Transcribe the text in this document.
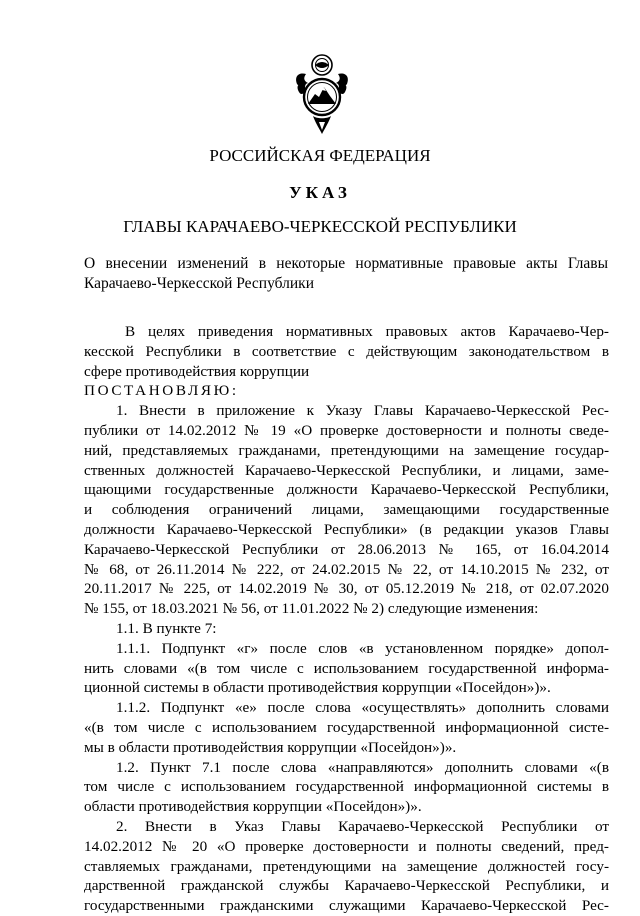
РОССИЙСКАЯ ФЕДЕРАЦИЯ
УКАЗ
ГЛАВЫ КАРАЧАЕВО-ЧЕРКЕССКОЙ РЕСПУБЛИКИ
О внесении изменений в некоторые нормативные правовые акты Главы
Карачаево-Черкесской Республики
В целях приведения нормативных правовых актов Карачаево-Чер-
кесской Республики в соответствие с действующим законодательством в
сфере противодействия коррупции
ПОСТАНОВЛЯЮ:
1. Внести в приложение к Указу Главы Карачаево-Черкесской Рес-
публики от 14.02.2012 № 19 «О проверке достоверности и полноты сведе-
ний, представляемых гражданами, претендующими на замещение государ-
ственных должностей Карачаево-Черкесской Республики, и лицами, заме-
щающими государственные должности Карачаево-Черкесской Республики,
и соблюдения ограничений лицами, замещающими государственные
должности Карачаево-Черкесской Республики» (в редакции указов Главы
Карачаево-Черкесской Республики от 28.06.2013 № 165, от 16.04.2014
№ 68, от 26.11.2014 № 222, от 24.02.2015 № 22, от 14.10.2015 № 232, от
20.11.2017 № 225, от 14.02.2019 № 30, от 05.12.2019 № 218, от 02.07.2020
№ 155, от 18.03.2021 № 56, от 11.01.2022 № 2) следующие изменения:
1.1. В пункте 7:
1.1.1. Подпункт «г» после слов «в установленном порядке» допол-
нить словами «(в том числе с использованием государственной информа-
ционной системы в области противодействия коррупции «Посейдон»)».
1.1.2. Подпункт «е» после слова «осуществлять» дополнить словами
«(в том числе с использованием государственной информационной систе-
мы в области противодействия коррупции «Посейдон»)».
1.2. Пункт 7.1 после слова «направляются» дополнить словами «(в
том числе с использованием государственной информационной системы в
области противодействия коррупции «Посейдон»)».
2. Внести в Указ Главы Карачаево-Черкесской Республики от
14.02.2012 № 20 «О проверке достоверности и полноты сведений, пред-
ставляемых гражданами, претендующими на замещение должностей госу-
дарственной гражданской службы Карачаево-Черкесской Республики, и
государственными гражданскими служащими Карачаево-Черкесской Рес-
